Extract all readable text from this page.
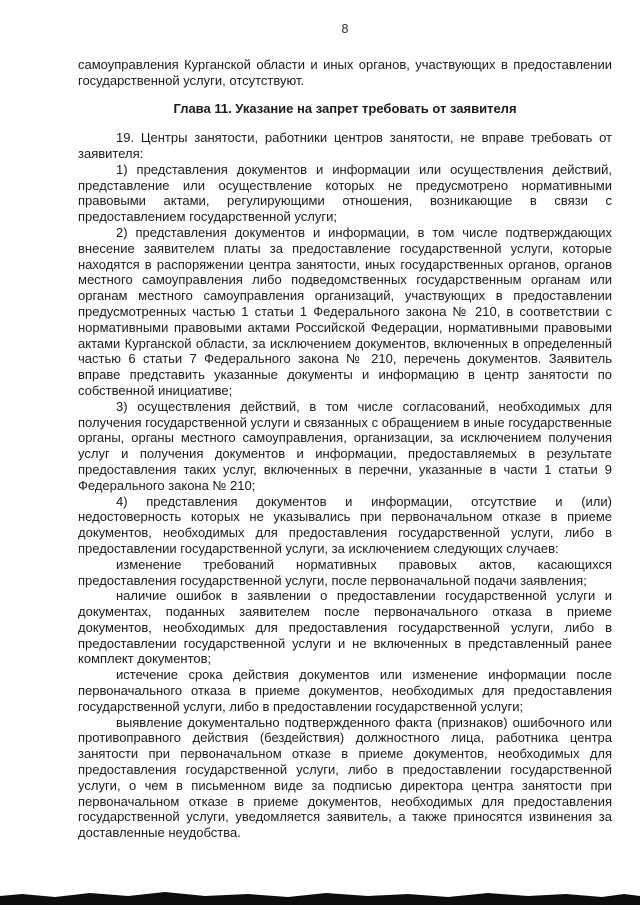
8

самоуправления Курганской области и иных органов, участвующих в предоставлении государственной услуги, отсутствуют.

Глава 11. Указание на запрет требовать от заявителя

19. Центры занятости, работники центров занятости, не вправе требовать от заявителя:

1) представления документов и информации или осуществления действий, представление или осуществление которых не предусмотрено нормативными правовыми актами, регулирующими отношения, возникающие в связи с предоставлением государственной услуги;

2) представления документов и информации, в том числе подтверждающих внесение заявителем платы за предоставление государственной услуги, которые находятся в распоряжении центра занятости, иных государственных органов, органов местного самоуправления либо подведомственных государственным органам или органам местного самоуправления организаций, участвующих в предоставлении предусмотренных частью 1 статьи 1 Федерального закона № 210, в соответствии с нормативными правовыми актами Российской Федерации, нормативными правовыми актами Курганской области, за исключением документов, включенных в определенный частью 6 статьи 7 Федерального закона № 210, перечень документов. Заявитель вправе представить указанные документы и информацию в центр занятости по собственной инициативе;

3) осуществления действий, в том числе согласований, необходимых для получения государственной услуги и связанных с обращением в иные государственные органы, органы местного самоуправления, организации, за исключением получения услуг и получения документов и информации, предоставляемых в результате предоставления таких услуг, включенных в перечни, указанные в части 1 статьи 9 Федерального закона № 210;

4) представления документов и информации, отсутствие и (или) недостоверность которых не указывались при первоначальном отказе в приеме документов, необходимых для предоставления государственной услуги, либо в предоставлении государственной услуги, за исключением следующих случаев:

изменение требований нормативных правовых актов, касающихся предоставления государственной услуги, после первоначальной подачи заявления;

наличие ошибок в заявлении о предоставлении государственной услуги и документах, поданных заявителем после первоначального отказа в приеме документов, необходимых для предоставления государственной услуги, либо в предоставлении государственной услуги и не включенных в представленный ранее комплект документов;

истечение срока действия документов или изменение информации после первоначального отказа в приеме документов, необходимых для предоставления государственной услуги, либо в предоставлении государственной услуги;

выявление документально подтвержденного факта (признаков) ошибочного или противоправного действия (бездействия) должностного лица, работника центра занятости при первоначальном отказе в приеме документов, необходимых для предоставления государственной услуги, либо в предоставлении государственной услуги, о чем в письменном виде за подписью директора центра занятости при первоначальном отказе в приеме документов, необходимых для предоставления государственной услуги, уведомляется заявитель, а также приносятся извинения за доставленные неудобства.
